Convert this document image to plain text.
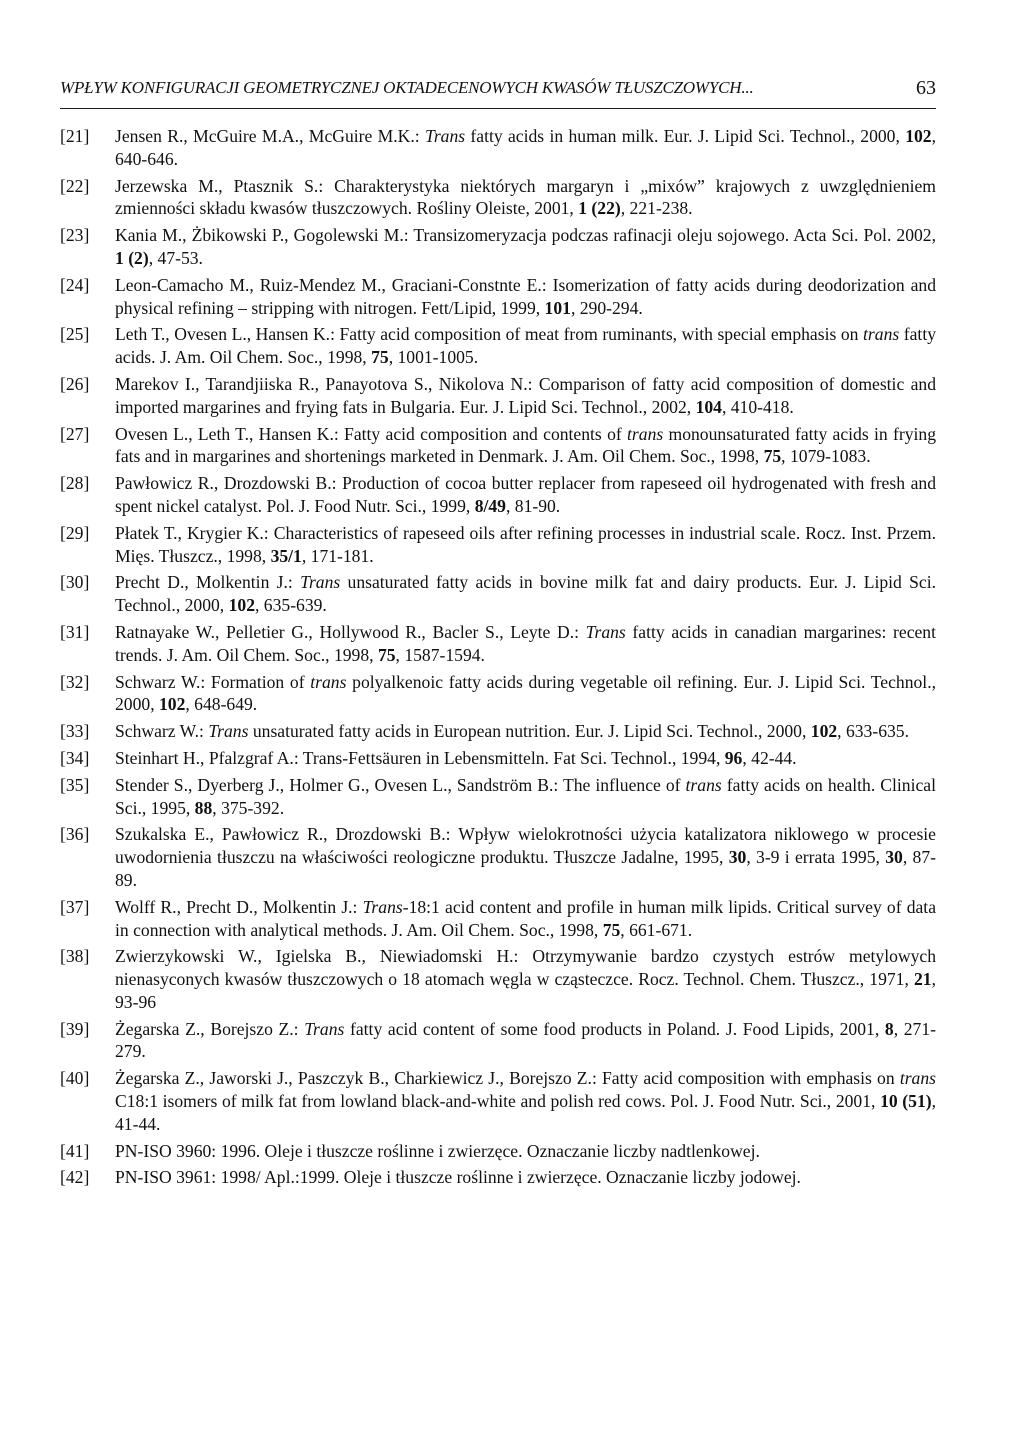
WPŁYW KONFIGURACJI GEOMETRYCZNEJ OKTADECENOWYCH KWASÓW TŁUSZCZOWYCH...	63
[21]	Jensen R., McGuire M.A., McGuire M.K.: Trans fatty acids in human milk. Eur. J. Lipid Sci. Technol., 2000, 102, 640-646.
[22]	Jerzewska M., Ptasznik S.: Charakterystyka niektórych margaryn i „mixów” krajowych z uwzględnieniem zmienności składu kwasów tłuszczowych. Rośliny Oleiste, 2001, 1 (22), 221-238.
[23]	Kania M., Żbikowski P., Gogolewski M.: Transizomeryzacja podczas rafinacji oleju sojowego. Acta Sci. Pol. 2002, 1 (2), 47-53.
[24]	Leon-Camacho M., Ruiz-Mendez M., Graciani-Constnte E.: Isomerization of fatty acids during deodorization and physical refining – stripping with nitrogen. Fett/Lipid, 1999, 101, 290-294.
[25]	Leth T., Ovesen L., Hansen K.: Fatty acid composition of meat from ruminants, with special emphasis on trans fatty acids. J. Am. Oil Chem. Soc., 1998, 75, 1001-1005.
[26]	Marekov I., Tarandjiiska R., Panayotova S., Nikolova N.: Comparison of fatty acid composition of domestic and imported margarines and frying fats in Bulgaria. Eur. J. Lipid Sci. Technol., 2002, 104, 410-418.
[27]	Ovesen L., Leth T., Hansen K.: Fatty acid composition and contents of trans monounsaturated fatty acids in frying fats and in margarines and shortenings marketed in Denmark. J. Am. Oil Chem. Soc., 1998, 75, 1079-1083.
[28]	Pawłowicz R., Drozdowski B.: Production of cocoa butter replacer from rapeseed oil hydrogenated with fresh and spent nickel catalyst. Pol. J. Food Nutr. Sci., 1999, 8/49, 81-90.
[29]	Płatek T., Krygier K.: Characteristics of rapeseed oils after refining processes in industrial scale. Rocz. Inst. Przem. Mięs. Tłuszcz., 1998, 35/1, 171-181.
[30]	Precht D., Molkentin J.: Trans unsaturated fatty acids in bovine milk fat and dairy products. Eur. J. Lipid Sci. Technol., 2000, 102, 635-639.
[31]	Ratnayake W., Pelletier G., Hollywood R., Bacler S., Leyte D.: Trans fatty acids in canadian margarines: recent trends. J. Am. Oil Chem. Soc., 1998, 75, 1587-1594.
[32]	Schwarz W.: Formation of trans polyalkenoic fatty acids during vegetable oil refining. Eur. J. Lipid Sci. Technol., 2000, 102, 648-649.
[33]	Schwarz W.: Trans unsaturated fatty acids in European nutrition. Eur. J. Lipid Sci. Technol., 2000, 102, 633-635.
[34]	Steinhart H., Pfalzgraf A.: Trans-Fettsäuren in Lebensmitteln. Fat Sci. Technol., 1994, 96, 42-44.
[35]	Stender S., Dyerberg J., Holmer G., Ovesen L., Sandström B.: The influence of trans fatty acids on health. Clinical Sci., 1995, 88, 375-392.
[36]	Szukalska E., Pawłowicz R., Drozdowski B.: Wpływ wielokrotności użycia katalizatora niklowego w procesie uwodornienia tłuszczu na właściwości reologiczne produktu. Tłuszcze Jadalne, 1995, 30, 3-9 i errata 1995, 30, 87-89.
[37]	Wolff R., Precht D., Molkentin J.: Trans-18:1 acid content and profile in human milk lipids. Critical survey of data in connection with analytical methods. J. Am. Oil Chem. Soc., 1998, 75, 661-671.
[38]	Zwierzykowski W., Igielska B., Niewiadomski H.: Otrzymywanie bardzo czystych estrów metylowych nienasyconych kwasów tłuszczowych o 18 atomach węgla w cząsteczce. Rocz. Technol. Chem. Tłuszcz., 1971, 21, 93-96
[39]	Żegarska Z., Borejszo Z.: Trans fatty acid content of some food products in Poland. J. Food Lipids, 2001, 8, 271-279.
[40]	Żegarska Z., Jaworski J., Paszczyk B., Charkiewicz J., Borejszo Z.: Fatty acid composition with emphasis on trans C18:1 isomers of milk fat from lowland black-and-white and polish red cows. Pol. J. Food Nutr. Sci., 2001, 10 (51), 41-44.
[41]	PN-ISO 3960: 1996. Oleje i tłuszcze roślinne i zwierzęce. Oznaczanie liczby nadtlenkowej.
[42]	PN-ISO 3961: 1998/ Apl.:1999. Oleje i tłuszcze roślinne i zwierzęce. Oznaczanie liczby jodowej.
